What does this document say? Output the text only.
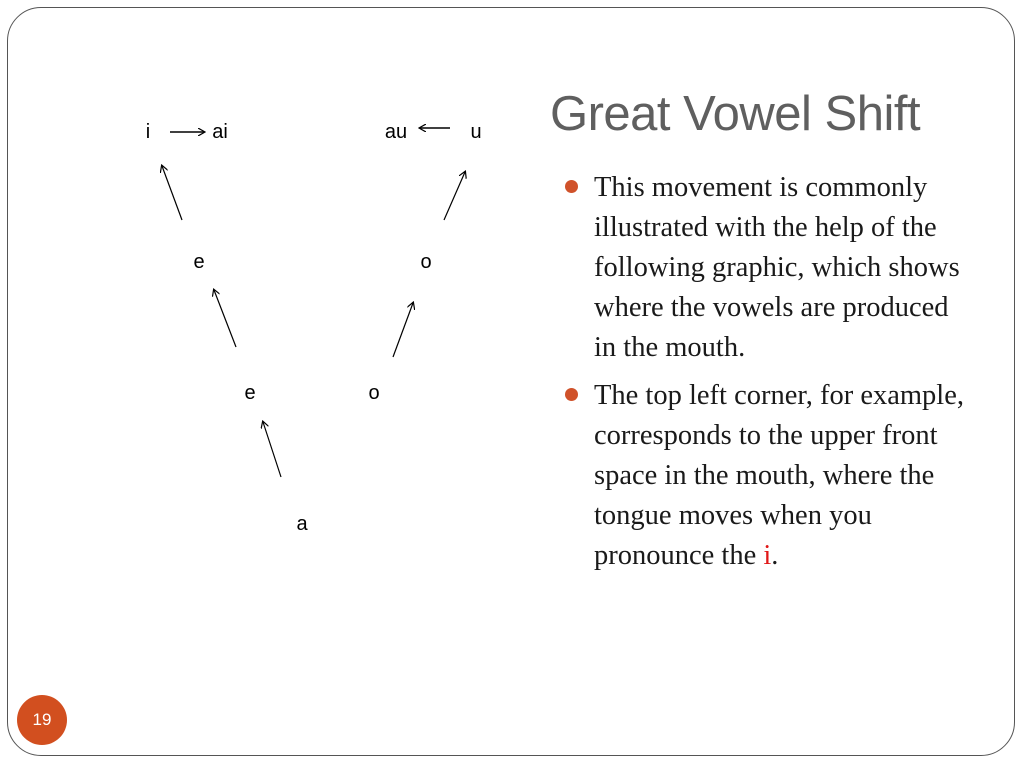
i	ai	au	u
e	o
e	o
a
Great Vowel Shift
This movement is commonly illustrated with the help of the following graphic, which shows where the vowels are produced in the mouth.
The top left corner, for example, corresponds to the upper front space in the mouth, where the tongue moves when you pronounce the i.
19
